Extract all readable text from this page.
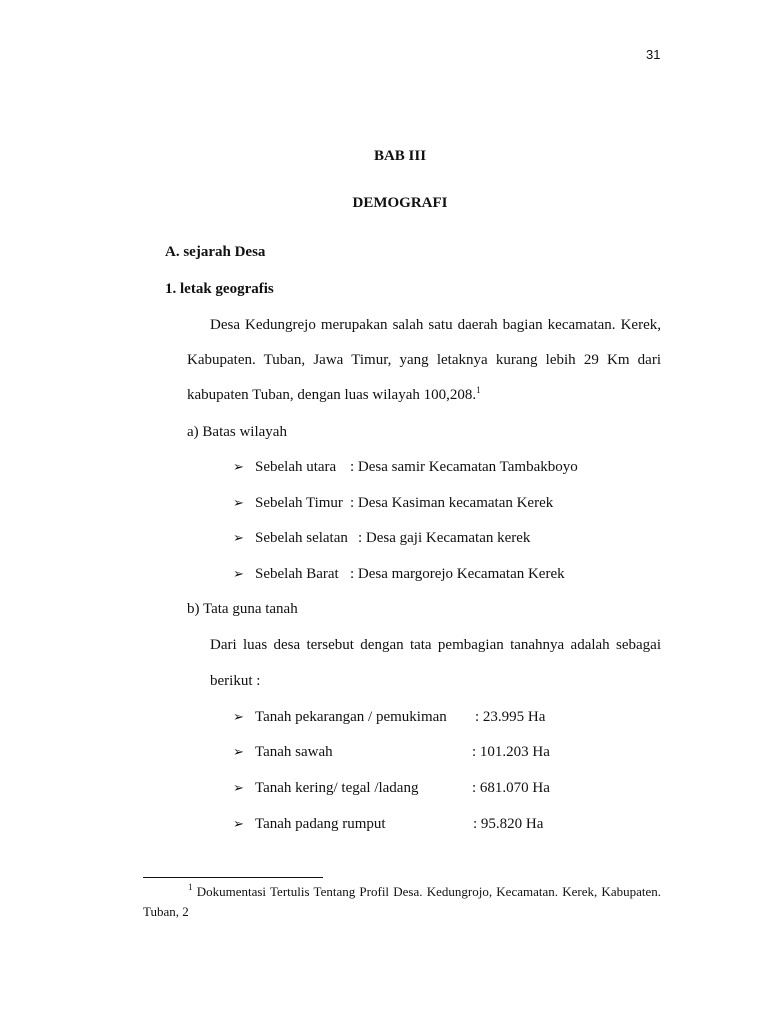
31
BAB III
DEMOGRAFI
A. sejarah Desa
1. letak geografis
Desa Kedungrejo merupakan salah satu daerah bagian kecamatan. Kerek,
Kabupaten. Tuban, Jawa Timur, yang letaknya kurang lebih 29 Km dari
kabupaten Tuban, dengan luas wilayah 100,208.$^1$
a) Batas wilayah
➢ Sebelah utara : Desa samir Kecamatan Tambakboyo
➢ Sebelah Timur : Desa Kasiman kecamatan Kerek
➢ Sebelah selatan : Desa gaji Kecamatan kerek
➢ Sebelah Barat : Desa margorejo Kecamatan Kerek
b) Tata guna tanah
Dari luas desa tersebut dengan tata pembagian tanahnya adalah sebagai
berikut :
➢ Tanah pekarangan / pemukiman : 23.995 Ha
➢ Tanah sawah	: 101.203 Ha
➢ Tanah kering/ tegal /ladang	: 681.070 Ha
➢ Tanah padang rumput	: 95.820 Ha
$^1$ Dokumentasi Tertulis Tentang Profil Desa. Kedungrojo, Kecamatan. Kerek, Kabupaten.
Tuban, 2
